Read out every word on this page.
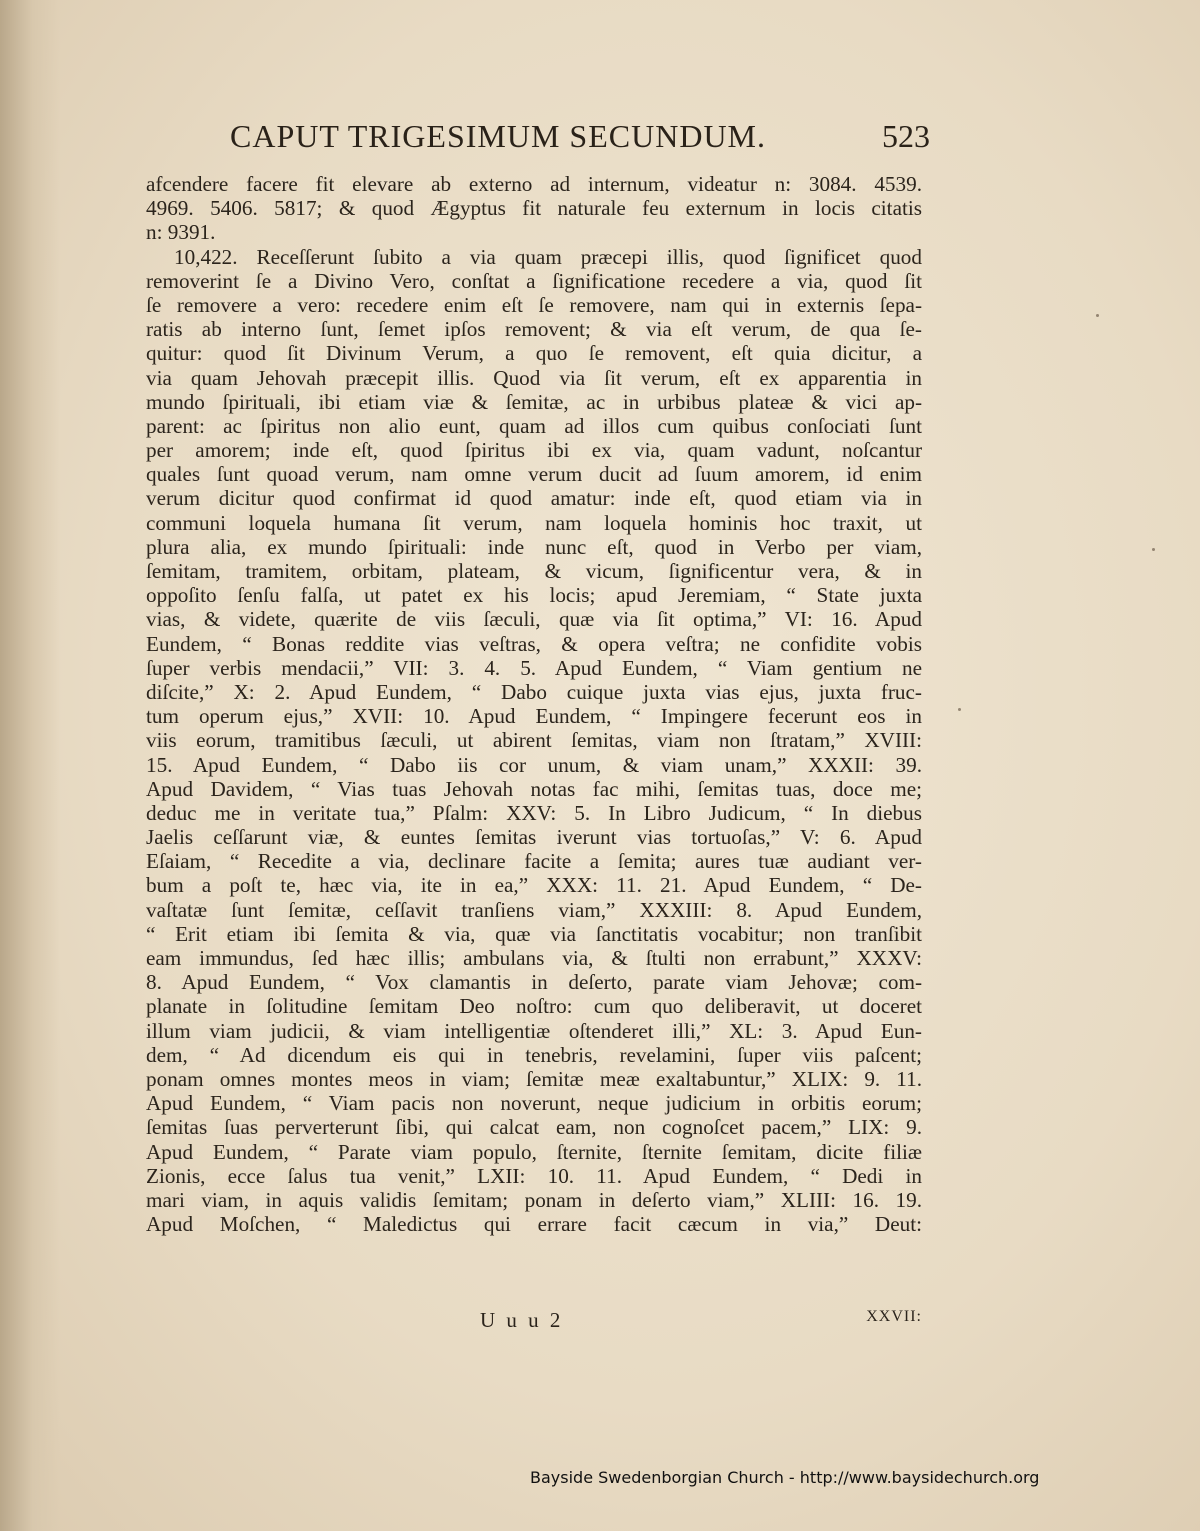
CAPUT TRIGESIMUM SECUNDUM.	523
afcendere facere fit elevare ab externo ad internum, videatur n: 3084. 4539.
4969. 5406. 5817; & quod Ægyptus fit naturale feu externum in locis citatis
n: 9391.
10,422. Receſſerunt ſubito a via quam præcepi illis, quod ſignificet quod
removerint ſe a Divino Vero, conſtat a ſignificatione recedere a via, quod ſit
ſe removere a vero: recedere enim eſt ſe removere, nam qui in externis ſepa-
ratis ab interno ſunt, ſemet ipſos removent; & via eſt verum, de qua ſe-
quitur: quod ſit Divinum Verum, a quo ſe removent, eſt quia dicitur, a
via quam Jehovah præcepit illis. Quod via ſit verum, eſt ex apparentia in
mundo ſpirituali, ibi etiam viæ & ſemitæ, ac in urbibus plateæ & vici ap-
parent: ac ſpiritus non alio eunt, quam ad illos cum quibus conſociati ſunt
per amorem; inde eſt, quod ſpiritus ibi ex via, quam vadunt, noſcantur
quales ſunt quoad verum, nam omne verum ducit ad ſuum amorem, id enim
verum dicitur quod confirmat id quod amatur: inde eſt, quod etiam via in
communi loquela humana ſit verum, nam loquela hominis hoc traxit, ut
plura alia, ex mundo ſpirituali: inde nunc eſt, quod in Verbo per viam,
ſemitam, tramitem, orbitam, plateam, & vicum, ſignificentur vera, & in
oppoſito ſenſu falſa, ut patet ex his locis; apud Jeremiam, “ State juxta
vias, & videte, quærite de viis ſæculi, quæ via ſit optima,” VI: 16. Apud
Eundem, “ Bonas reddite vias veſtras, & opera veſtra; ne confidite vobis
ſuper verbis mendacii,” VII: 3. 4. 5. Apud Eundem, “ Viam gentium ne
diſcite,” X: 2. Apud Eundem, “ Dabo cuique juxta vias ejus, juxta fruc-
tum operum ejus,” XVII: 10. Apud Eundem, “ Impingere fecerunt eos in
viis eorum, tramitibus ſæculi, ut abirent ſemitas, viam non ſtratam,” XVIII:
15. Apud Eundem, “ Dabo iis cor unum, & viam unam,” XXXII: 39.
Apud Davidem, “ Vias tuas Jehovah notas fac mihi, ſemitas tuas, doce me;
deduc me in veritate tua,” Pſalm: XXV: 5. In Libro Judicum, “ In diebus
Jaelis ceſſarunt viæ, & euntes ſemitas iverunt vias tortuoſas,” V: 6. Apud
Eſaiam, “ Recedite a via, declinare facite a ſemita; aures tuæ audiant ver-
bum a poſt te, hæc via, ite in ea,” XXX: 11. 21. Apud Eundem, “ De-
vaſtatæ ſunt ſemitæ, ceſſavit tranſiens viam,” XXXIII: 8. Apud Eundem,
“ Erit etiam ibi ſemita & via, quæ via ſanctitatis vocabitur; non tranſibit
eam immundus, ſed hæc illis; ambulans via, & ſtulti non errabunt,” XXXV:
8. Apud Eundem, “ Vox clamantis in deſerto, parate viam Jehovæ; com-
planate in ſolitudine ſemitam Deo noſtro: cum quo deliberavit, ut doceret
illum viam judicii, & viam intelligentiæ oſtenderet illi,” XL: 3. Apud Eun-
dem, “ Ad dicendum eis qui in tenebris, revelamini, ſuper viis paſcent;
ponam omnes montes meos in viam; ſemitæ meæ exaltabuntur,” XLIX: 9. 11.
Apud Eundem, “ Viam pacis non noverunt, neque judicium in orbitis eorum;
ſemitas ſuas perverterunt ſibi, qui calcat eam, non cognoſcet pacem,” LIX: 9.
Apud Eundem, “ Parate viam populo, ſternite, ſternite ſemitam, dicite filiæ
Zionis, ecce ſalus tua venit,” LXII: 10. 11. Apud Eundem, “ Dedi in
mari viam, in aquis validis ſemitam; ponam in deſerto viam,” XLIII: 16. 19.
Apud Moſchen, “ Maledictus qui errare facit cæcum in via,” Deut:
U u u 2	XXVII:
Bayside Swedenborgian Church - http://www.baysidechurch.org
